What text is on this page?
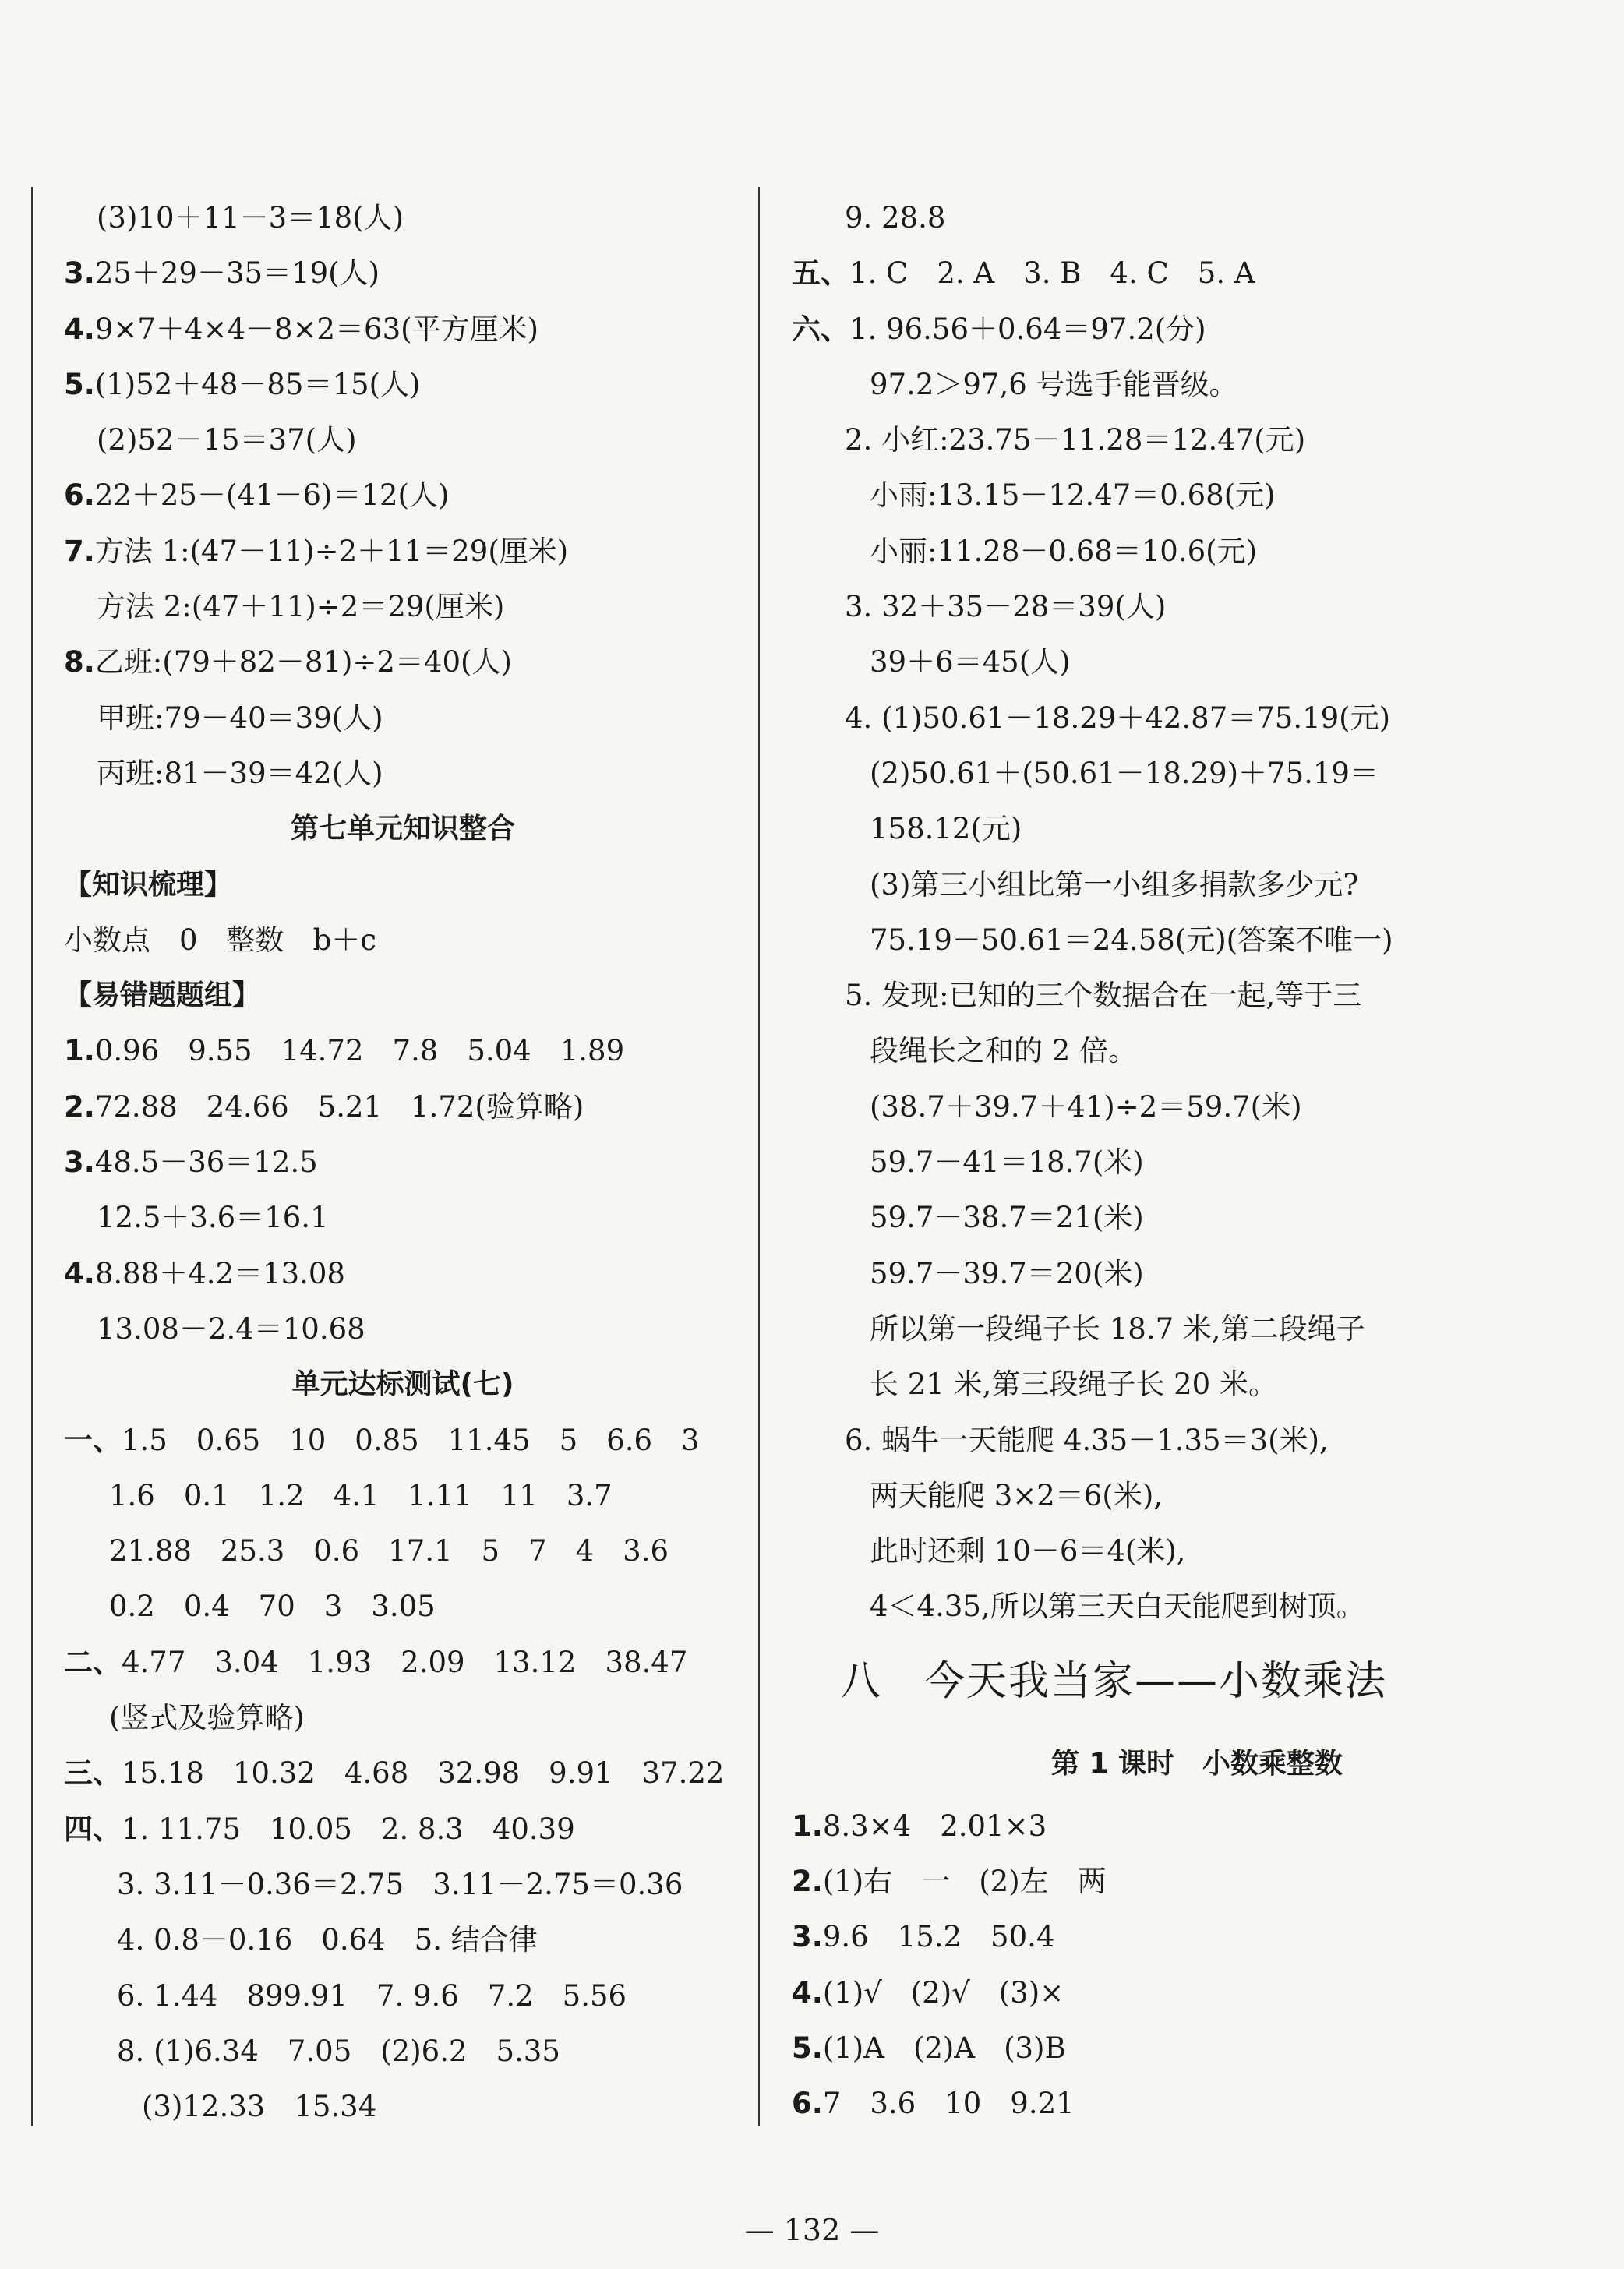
(3)10＋11－3＝18(人)
3.25＋29－35＝19(人)
4.9×7＋4×4－8×2＝63(平方厘米)
5.(1)52＋48－85＝15(人)
(2)52－15＝37(人)
6.22＋25－(41－6)＝12(人)
7.方法 1:(47－11)÷2＋11＝29(厘米)
方法 2:(47＋11)÷2＝29(厘米)
8.乙班:(79＋82－81)÷2＝40(人)
甲班:79－40＝39(人)
丙班:81－39＝42(人)
第七单元知识整合
【知识梳理】
小数点　0　整数　b＋c
【易错题题组】
1.0.96　9.55　14.72　7.8　5.04　1.89
2.72.88　24.66　5.21　1.72(验算略)
3.48.5－36＝12.5
12.5＋3.6＝16.1
4.8.88＋4.2＝13.08
13.08－2.4＝10.68
单元达标测试(七)
一、1.5　0.65　10　0.85　11.45　5　6.6　3
1.6　0.1　1.2　4.1　1.11　11　3.7
21.88　25.3　0.6　17.1　5　7　4　3.6
0.2　0.4　70　3　3.05
二、4.77　3.04　1.93　2.09　13.12　38.47
(竖式及验算略)
三、15.18　10.32　4.68　32.98　9.91　37.22
四、1. 11.75　10.05　2. 8.3　40.39
3. 3.11－0.36＝2.75　3.11－2.75＝0.36
4. 0.8－0.16　0.64　5. 结合律
6. 1.44　899.91　7. 9.6　7.2　5.56
8. (1)6.34　7.05　(2)6.2　5.35
(3)12.33　15.34
9. 28.8
五、1. C　2. A　3. B　4. C　5. A
六、1. 96.56＋0.64＝97.2(分)
97.2＞97,6 号选手能晋级。
2. 小红:23.75－11.28＝12.47(元)
小雨:13.15－12.47＝0.68(元)
小丽:11.28－0.68＝10.6(元)
3. 32＋35－28＝39(人)
39＋6＝45(人)
4. (1)50.61－18.29＋42.87＝75.19(元)
(2)50.61＋(50.61－18.29)＋75.19＝
158.12(元)
(3)第三小组比第一小组多捐款多少元?
75.19－50.61＝24.58(元)(答案不唯一)
5. 发现:已知的三个数据合在一起,等于三
段绳长之和的 2 倍。
(38.7＋39.7＋41)÷2＝59.7(米)
59.7－41＝18.7(米)
59.7－38.7＝21(米)
59.7－39.7＝20(米)
所以第一段绳子长 18.7 米,第二段绳子
长 21 米,第三段绳子长 20 米。
6. 蜗牛一天能爬 4.35－1.35＝3(米),
两天能爬 3×2＝6(米),
此时还剩 10－6＝4(米),
4＜4.35,所以第三天白天能爬到树顶。
八　今天我当家——小数乘法
第 1 课时　小数乘整数
1.8.3×4　2.01×3
2.(1)右　一　(2)左　两
3.9.6　15.2　50.4
4.(1)√　(2)√　(3)×
5.(1)A　(2)A　(3)B
6.7　3.6　10　9.21
— 132 —
